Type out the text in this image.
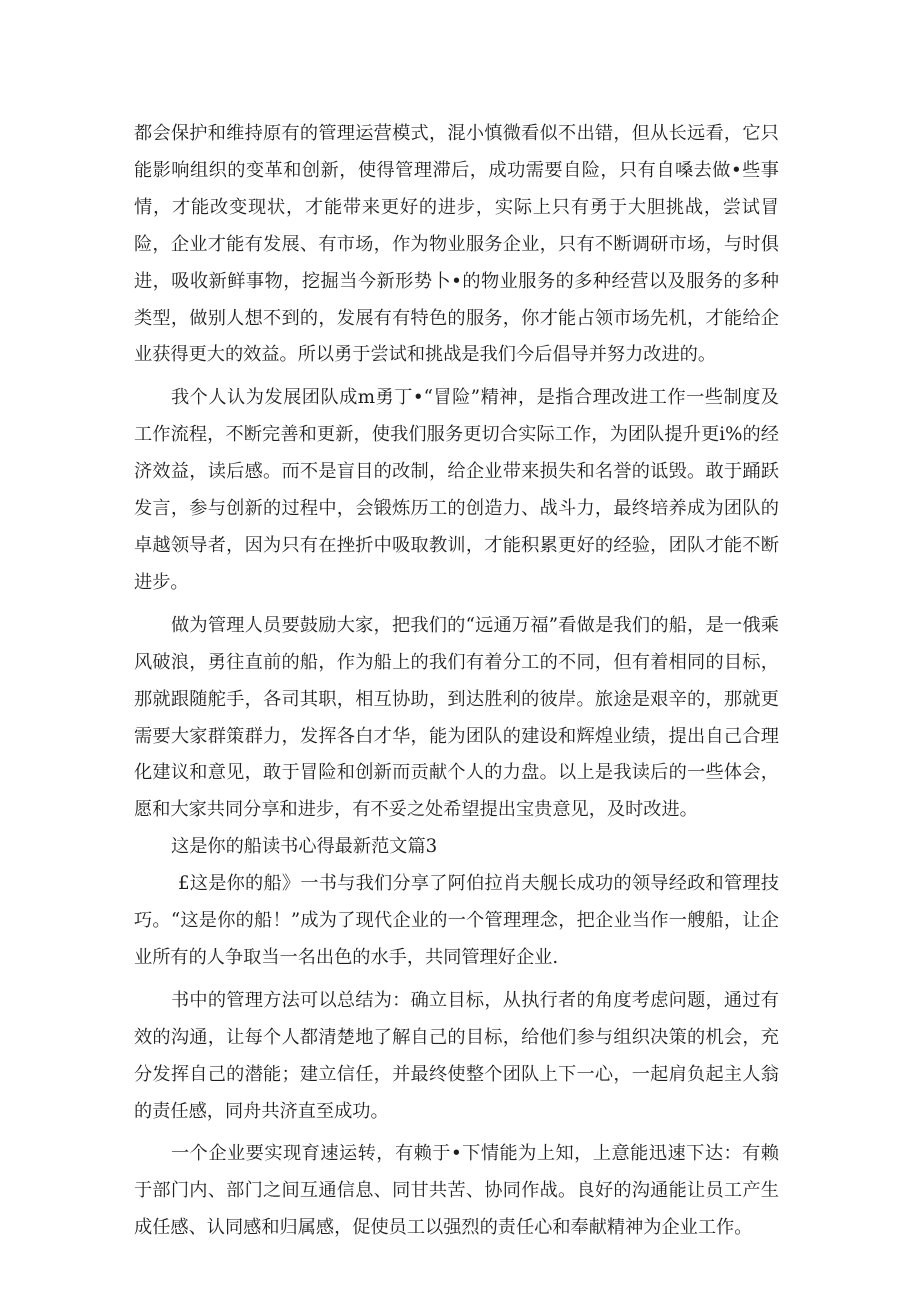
都会保护和维持原有的管理运营模式，混小慎微看似不出错，但从长远看，它只能影响组织的变革和创新，使得管理滞后，成功需要自险，只有自嗓去做•些事情，才能改变现状，才能带来更好的进步，实际上只有勇于大胆挑战，尝试冒险，企业才能有发展、有市场，作为物业服务企业，只有不断调研市场，与时俱进，吸收新鲜事物，挖掘当今新形势卜•的物业服务的多种经营以及服务的多种类型，做别人想不到的，发展有有特色的服务，你才能占领市场先机，才能给企业获得更大的效益。所以勇于尝试和挑战是我们今后倡导并努力改进的。

我个人认为发展团队成m勇丁•“冒险”精神，是指合理改进工作一些制度及工作流程，不断完善和更新，使我们服务更切合实际工作，为团队提升更i%的经济效益，读后感。而不是盲目的改制，给企业带来损失和名誉的诋毁。敢于踊跃发言，参与创新的过程中，会锻炼历工的创造力、战斗力，最终培养成为团队的卓越领导者，因为只有在挫折中吸取教训，才能积累更好的经验，团队才能不断进步。

做为管理人员要鼓励大家，把我们的“远通万福”看做是我们的船，是一俄乘风破浪，勇往直前的船，作为船上的我们有着分工的不同，但有着相同的目标，那就跟随舵手，各司其职，相互协助，到达胜利的彼岸。旅途是艰辛的，那就更需要大家群策群力，发挥各白才华，能为团队的建设和辉煌业绩，提出自己合理化建议和意见，敢于冒险和创新而贡献个人的力盘。以上是我读后的一些体会，愿和大家共同分享和进步，有不妥之处希望提出宝贵意见，及时改进。

这是你的船读书心得最新范文篇3

£这是你的船》一书与我们分享了阿伯拉肖夫舰长成功的领导经政和管理技巧。“这是你的船！”成为了现代企业的一个管理理念，把企业当作一艘船，让企业所有的人争取当一名出色的水手，共同管理好企业.

书中的管理方法可以总结为：确立目标，从执行者的角度考虑问题，通过有效的沟通，让每个人都清楚地了解自己的目标，给他们参与组织决策的机会，充分发挥自己的潜能；建立信任，并最终使整个团队上下一心，一起肩负起主人翁的责任感，同舟共济直至成功。

一个企业要实现育速运转，有赖于•下情能为上知，上意能迅速下达：有赖于部门内、部门之间互通信息、同甘共苦、协同作战。良好的沟通能让员工产生成任感、认同感和归属感，促使员工以强烈的责任心和奉献精神为企业工作。
